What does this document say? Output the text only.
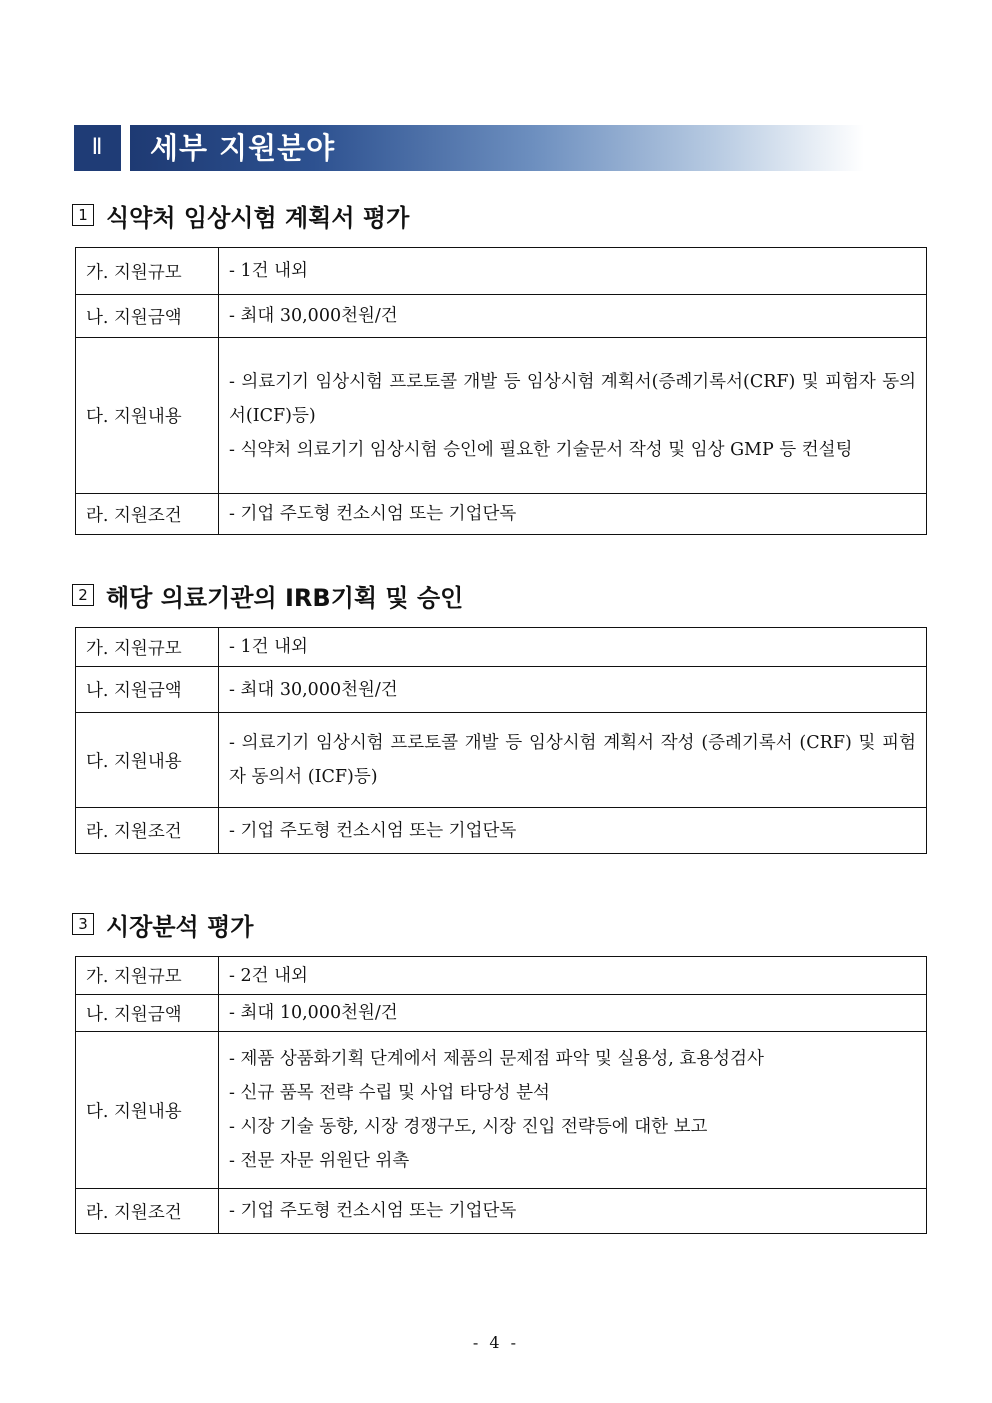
Ⅱ	세부 지원분야
1 식약처 임상시험 계획서 평가
가. 지원규모	- 1건 내외

나. 지원금액	- 최대 30,000천원/건

다. 지원내용	- 의료기기 임상시험 프로토콜 개발 등 임상시험 계획서(증례기록서(CRF) 및 피험자 동의서(ICF)등)
- 식약처 의료기기 임상시험 승인에 필요한 기술문서 작성 및 임상 GMP 등 컨설팅

라. 지원조건	- 기업 주도형 컨소시엄 또는 기업단독
2 해당 의료기관의 IRB기획 및 승인
가. 지원규모	- 1건 내외

나. 지원금액	- 최대 30,000천원/건

다. 지원내용	- 의료기기 임상시험 프로토콜 개발 등 임상시험 계획서 작성 (증례기록서 (CRF) 및 피험자 동의서 (ICF)등)

라. 지원조건	- 기업 주도형 컨소시엄 또는 기업단독
3 시장분석 평가
가. 지원규모	- 2건 내외

나. 지원금액	- 최대 10,000천원/건

다. 지원내용	- 제품 상품화기획 단계에서 제품의 문제점 파악 및 실용성, 효용성검사
- 신규 품목 전략 수립 및 사업 타당성 분석
- 시장 기술 동향, 시장 경쟁구도, 시장 진입 전략등에 대한 보고
- 전문 자문 위원단 위촉

라. 지원조건	- 기업 주도형 컨소시엄 또는 기업단독
- 4 -
